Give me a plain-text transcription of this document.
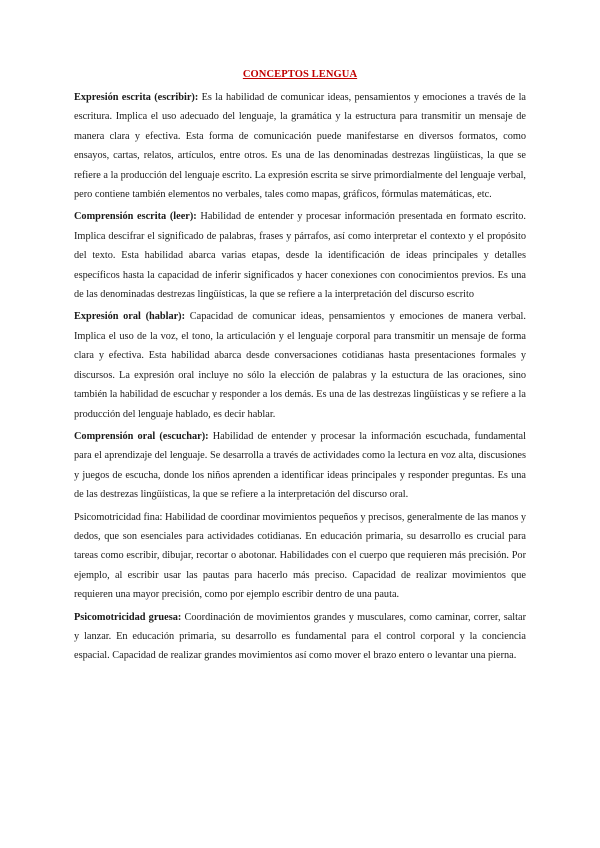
CONCEPTOS LENGUA

Expresión escrita (escribir): Es la habilidad de comunicar ideas, pensamientos y emociones a través de la escritura. Implica el uso adecuado del lenguaje, la gramática y la estructura para transmitir un mensaje de manera clara y efectiva. Esta forma de comunicación puede manifestarse en diversos formatos, como ensayos, cartas, relatos, artículos, entre otros. Es una de las denominadas destrezas lingüísticas, la que se refiere a la producción del lenguaje escrito. La expresión escrita se sirve primordialmente del lenguaje verbal, pero contiene también elementos no verbales, tales como mapas, gráficos, fórmulas matemáticas, etc.

Comprensión escrita (leer): Habilidad de entender y procesar información presentada en formato escrito. Implica descifrar el significado de palabras, frases y párrafos, así como interpretar el contexto y el propósito del texto. Esta habilidad abarca varias etapas, desde la identificación de ideas principales y detalles específicos hasta la capacidad de inferir significados y hacer conexiones con conocimientos previos. Es una de las denominadas destrezas lingüísticas, la que se refiere a la interpretación del discurso escrito

Expresión oral (hablar): Capacidad de comunicar ideas, pensamientos y emociones de manera verbal. Implica el uso de la voz, el tono, la articulación y el lenguaje corporal para transmitir un mensaje de forma clara y efectiva. Esta habilidad abarca desde conversaciones cotidianas hasta presentaciones formales y discursos. La expresión oral incluye no sólo la elección de palabras y la estuctura de las oraciones, sino también la habilidad de escuchar y responder a los demás. Es una de las destrezas lingüísticas y se refiere a la producción del lenguaje hablado, es decir hablar.

Comprensión oral (escuchar): Habilidad de entender y procesar la información escuchada, fundamental para el aprendizaje del lenguaje. Se desarrolla a través de actividades como la lectura en voz alta, discusiones y juegos de escucha, donde los niños aprenden a identificar ideas principales y responder preguntas. Es una de las destrezas lingüísticas, la que se refiere a la interpretación del discurso oral.

Psicomotricidad fina: Habilidad de coordinar movimientos pequeños y precisos, generalmente de las manos y dedos, que son esenciales para actividades cotidianas. En educación primaria, su desarrollo es crucial para tareas como escribir, dibujar, recortar o abotonar. Habilidades con el cuerpo que requieren más precisión. Por ejemplo, al escribir usar las pautas para hacerlo más preciso. Capacidad de realizar movimientos que requieren una mayor precisión, como por ejemplo escribir dentro de una pauta.

Psicomotricidad gruesa: Coordinación de movimientos grandes y musculares, como caminar, correr, saltar y lanzar. En educación primaria, su desarrollo es fundamental para el control corporal y la conciencia espacial. Capacidad de realizar grandes movimientos así como mover el brazo entero o levantar una pierna.
